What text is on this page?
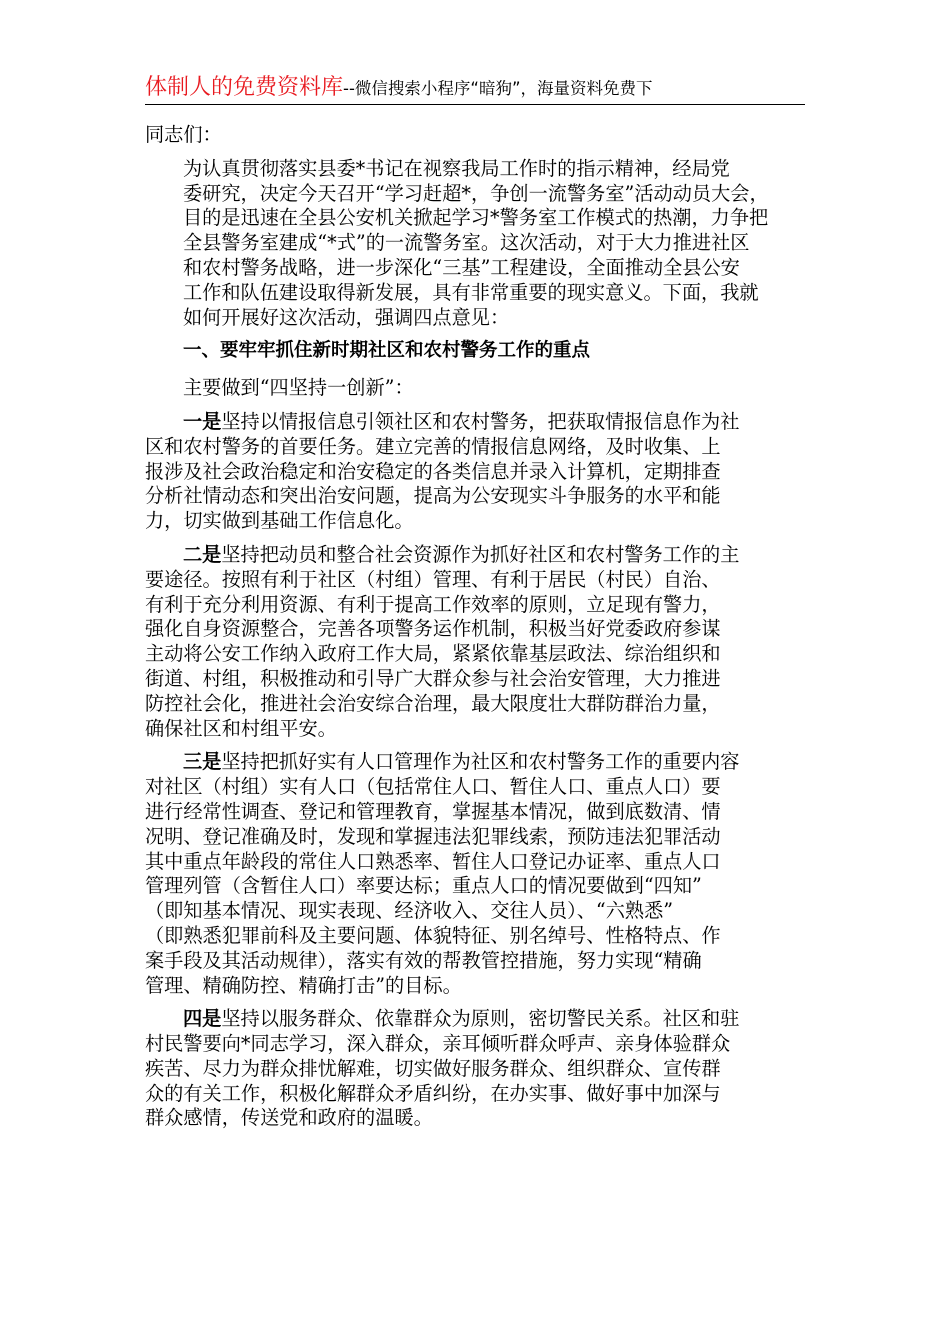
体制人的免费资料库--微信搜索小程序“暗狗”，海量资料免费下

同志们：

为认真贯彻落实县委*书记在视察我局工作时的指示精神，经局党
委研究，决定今天召开“学习赶超*，争创一流警务室”活动动员大会，
目的是迅速在全县公安机关掀起学习*警务室工作模式的热潮，力争把
全县警务室建成“*式”的一流警务室。这次活动，对于大力推进社区
和农村警务战略，进一步深化“三基”工程建设，全面推动全县公安
工作和队伍建设取得新发展，具有非常重要的现实意义。下面，我就
如何开展好这次活动，强调四点意见：

一、要牢牢抓住新时期社区和农村警务工作的重点

主要做到“四坚持一创新”：

一是坚持以情报信息引领社区和农村警务，把获取情报信息作为社
区和农村警务的首要任务。建立完善的情报信息网络，及时收集、上
报涉及社会政治稳定和治安稳定的各类信息并录入计算机，定期排查
分析社情动态和突出治安问题，提高为公安现实斗争服务的水平和能
力，切实做到基础工作信息化。

二是坚持把动员和整合社会资源作为抓好社区和农村警务工作的主
要途径。按照有利于社区（村组）管理、有利于居民（村民）自治、
有利于充分利用资源、有利于提高工作效率的原则，立足现有警力，
强化自身资源整合，完善各项警务运作机制，积极当好党委政府参谋
主动将公安工作纳入政府工作大局，紧紧依靠基层政法、综治组织和
街道、村组，积极推动和引导广大群众参与社会治安管理，大力推进
防控社会化，推进社会治安综合治理，最大限度壮大群防群治力量，
确保社区和村组平安。

三是坚持把抓好实有人口管理作为社区和农村警务工作的重要内容
对社区（村组）实有人口（包括常住人口、暂住人口、重点人口）要
进行经常性调查、登记和管理教育，掌握基本情况，做到底数清、情
况明、登记准确及时，发现和掌握违法犯罪线索，预防违法犯罪活动
其中重点年龄段的常住人口熟悉率、暂住人口登记办证率、重点人口
管理列管（含暂住人口）率要达标；重点人口的情况要做到“四知”
（即知基本情况、现实表现、经济收入、交往人员）、“六熟悉”
（即熟悉犯罪前科及主要问题、体貌特征、别名绰号、性格特点、作
案手段及其活动规律），落实有效的帮教管控措施，努力实现“精确
管理、精确防控、精确打击”的目标。

四是坚持以服务群众、依靠群众为原则，密切警民关系。社区和驻
村民警要向*同志学习，深入群众，亲耳倾听群众呼声、亲身体验群众
疾苦、尽力为群众排忧解难，切实做好服务群众、组织群众、宣传群
众的有关工作，积极化解群众矛盾纠纷，在办实事、做好事中加深与
群众感情，传送党和政府的温暖。
